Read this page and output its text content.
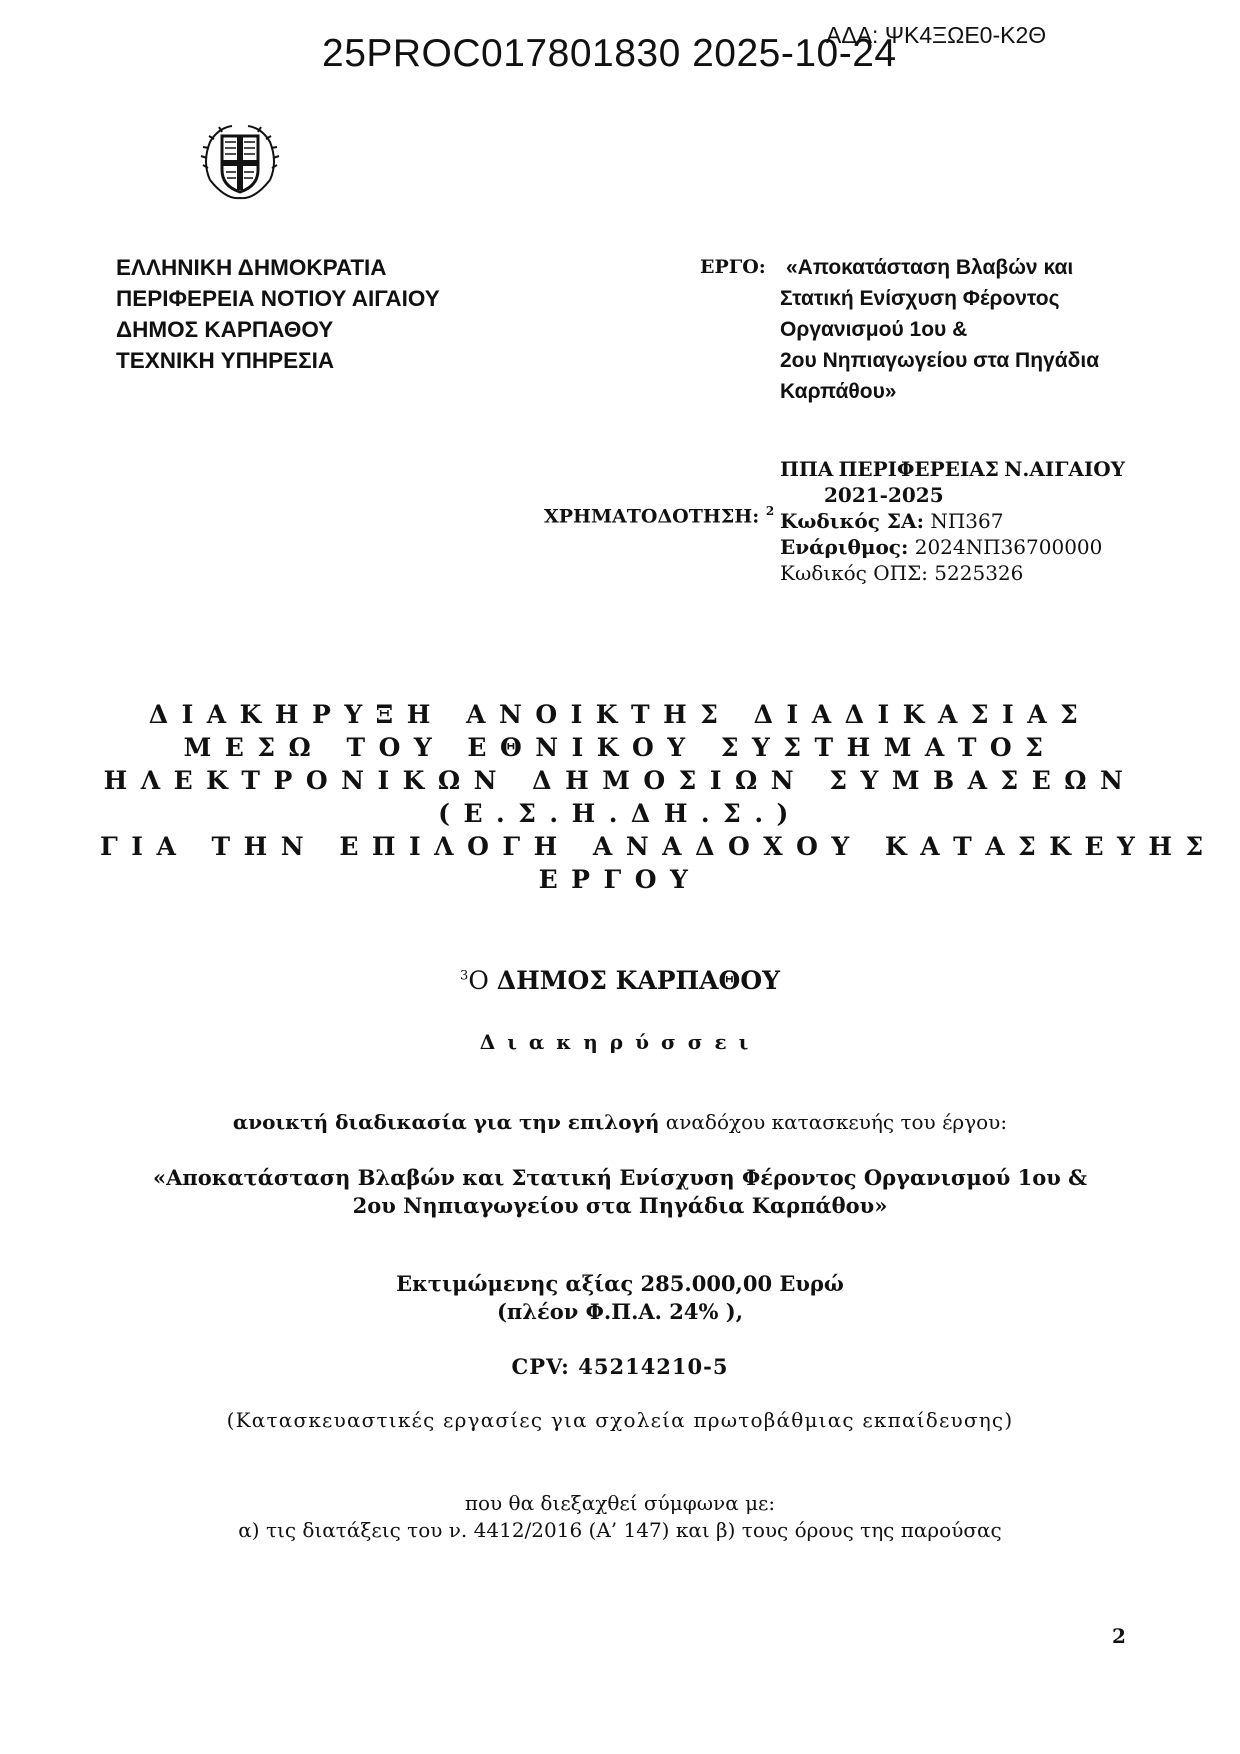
25PROC017801830 2025-10-24
ΑΔΑ: ΨΚ4ΞΩΕ0-Κ2Θ
ΕΛΛΗΝΙΚΗ ΔΗΜΟΚΡΑΤΙΑ
ΠΕΡΙΦΕΡΕΙΑ ΝΟΤΙΟΥ ΑΙΓΑΙΟΥ
ΔΗΜΟΣ ΚΑΡΠΑΘΟΥ
ΤΕΧΝΙΚΗ ΥΠΗΡΕΣΙΑ
ΕΡΓΟ: «Αποκατάσταση Βλαβών και
Στατική Ενίσχυση Φέροντος
Οργανισμού 1ου &
2ου Νηπιαγωγείου στα Πηγάδια
Καρπάθου»
ΧΡΗΜΑΤΟΔΟΤΗΣΗ: $^2$
ΠΠΑ ΠΕΡΙΦΕΡΕΙΑΣ Ν.ΑΙΓΑΙΟΥ
2021-2025
Κωδικός ΣΑ: ΝΠ367
Ενάριθμος: 2024ΝΠ36700000
Κωδικός ΟΠΣ: 5225326
ΔΙΑΚΗΡΥΞΗ ΑΝΟΙΚΤΗΣ ΔΙΑΔΙΚΑΣΙΑΣ
ΜΕΣΩ ΤΟΥ ΕΘΝΙΚΟΥ ΣΥΣΤΗΜΑΤΟΣ
ΗΛΕΚΤΡΟΝΙΚΩΝ ΔΗΜΟΣΙΩΝ ΣΥΜΒΑΣΕΩΝ
(Ε.Σ.Η.ΔΗ.Σ.)
ΓΙΑ ΤΗΝ ΕΠΙΛΟΓΗ ΑΝΑΔΟΧΟΥ ΚΑΤΑΣΚΕΥΗΣ
ΕΡΓΟΥ
$^3$Ο ΔΗΜΟΣ ΚΑΡΠΑΘΟΥ
Διακηρύσσει
ανοικτή διαδικασία για την επιλογή αναδόχου κατασκευής του έργου:
«Αποκατάσταση Βλαβών και Στατική Ενίσχυση Φέροντος Οργανισμού 1ου &
2ου Νηπιαγωγείου στα Πηγάδια Καρπάθου»
Εκτιμώμενης αξίας 285.000,00 Ευρώ
(πλέον Φ.Π.Α. 24% ),
CPV: 45214210-5
(Κατασκευαστικές εργασίες για σχολεία πρωτοβάθμιας εκπαίδευσης)
που θα διεξαχθεί σύμφωνα με:
α) τις διατάξεις του ν. 4412/2016 (Α’ 147) και β) τους όρους της παρούσας
2
